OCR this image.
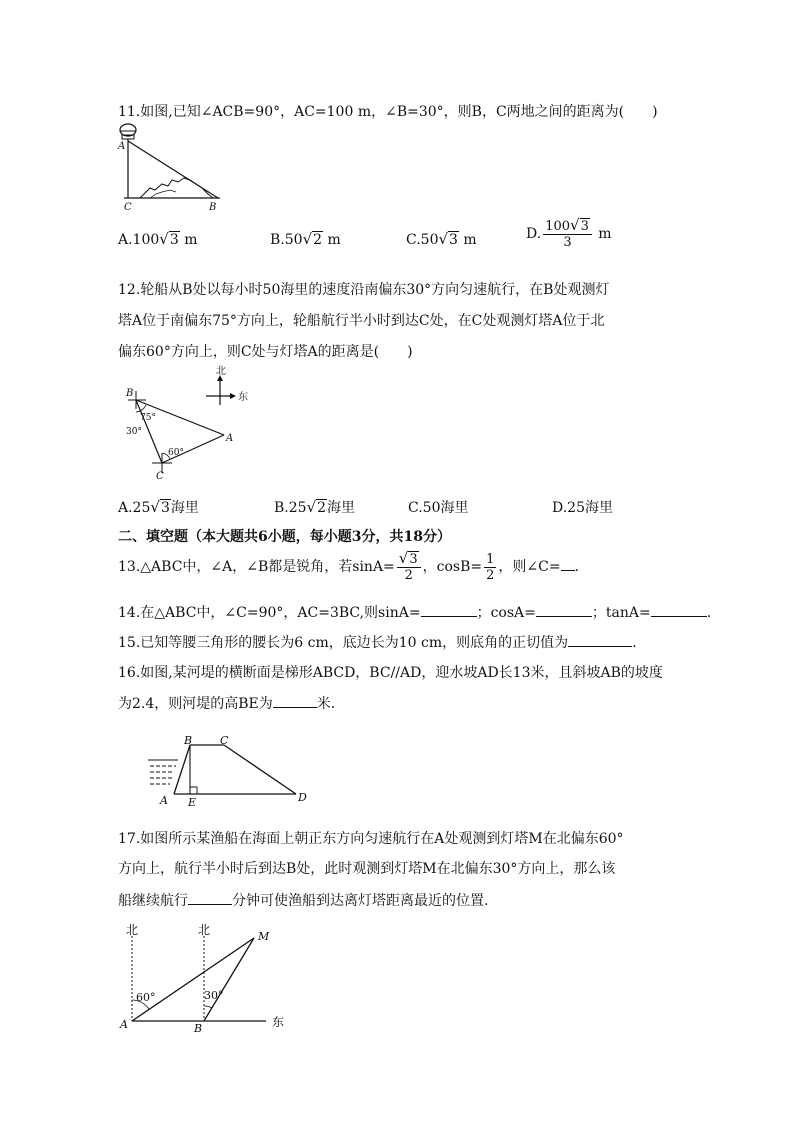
11.如图,已知∠ACB=90°，AC=100 m，∠B=30°，则B，C两地之间的距离为(　　)
A
C	B
A.100√3 m	B.50√2 m	C.50√3 m	D. $\frac{100√3}{3}$ m
12.轮船从B处以每小时50海里的速度沿南偏东30°方向匀速航行，在B处观测灯
塔A位于南偏东75°方向上，轮船航行半小时到达C处，在C处观测灯塔A位于北
偏东60°方向上，则C处与灯塔A的距离是(　　)
北
东
B
75°
30°
A
60°
C
A.25√3海里	B.25√2海里	C.50海里	D.25海里
二、填空题（本大题共6小题，每小题3分，共18分）
13.△ABC中，∠A，∠B都是锐角，若$\sin A= \frac{√3}{2}$ ，$\cos B= \frac{1}{2}$ ，则∠C= .
14.在△ABC中，∠C=90°，AC=3BC,则sinA=	；cosA=	；tanA=	.
15.已知等腰三角形的腰长为6 cm，底边长为10 cm，则底角的正切值为	.
16.如图,某河堤的横断面是梯形ABCD，BC//AD，迎水坡AD长13米，且斜坡AB的坡度
为2.4，则河堤的高BE为	米.
B	C
A E	D
17.如图所示某渔船在海面上朝正东方向匀速航行在A处观测到灯塔M在北偏东60°
方向上，航行半小时后到达B处，此时观测到灯塔M在北偏东30°方向上，那么该
船继续航行	分钟可使渔船到达离灯塔距离最近的位置.
北	北
东
60°	30°
M
A	B
